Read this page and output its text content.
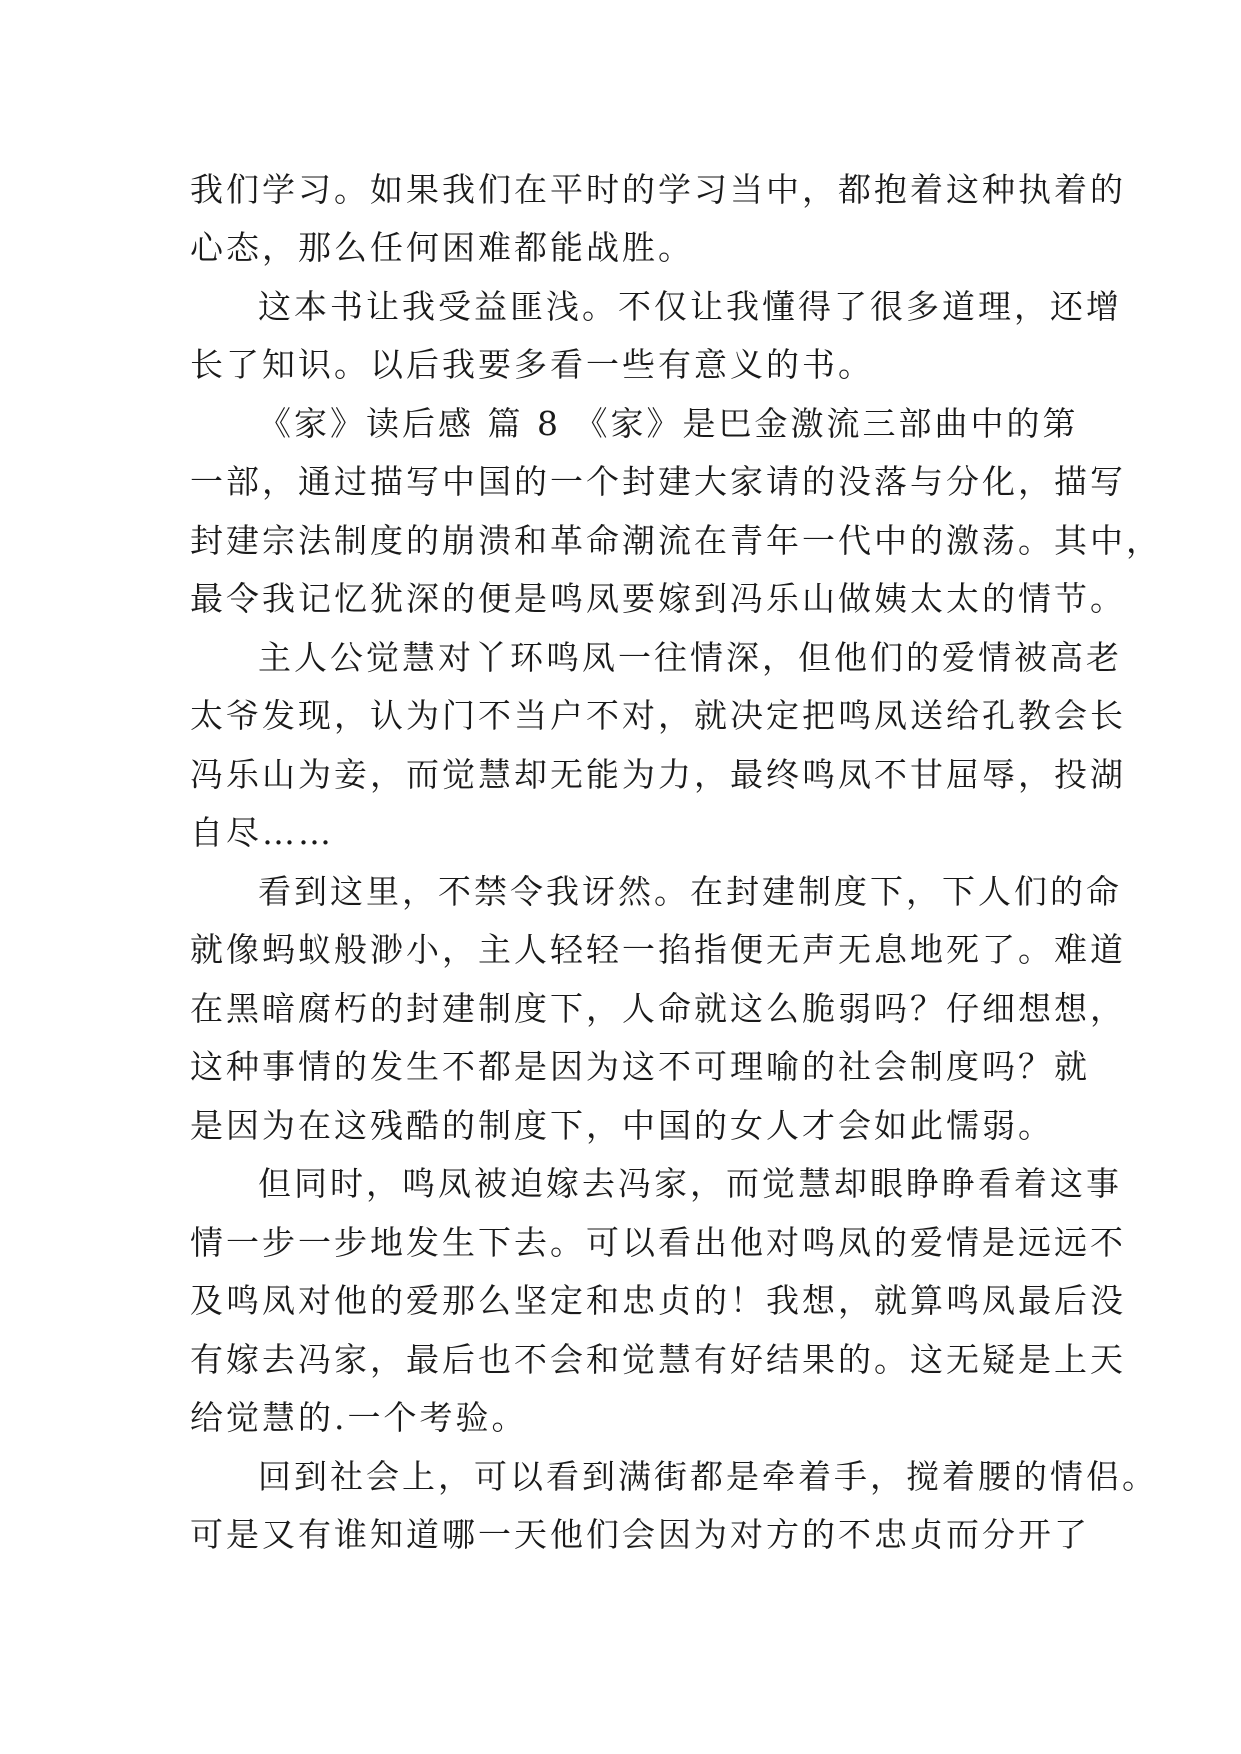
我们学习。如果我们在平时的学习当中，都抱着这种执着的
心态，那么任何困难都能战胜。
这本书让我受益匪浅。不仅让我懂得了很多道理，还增
长了知识。以后我要多看一些有意义的书。
《家》读后感 篇 8 《家》是巴金激流三部曲中的第
一部，通过描写中国的一个封建大家请的没落与分化，描写
封建宗法制度的崩溃和革命潮流在青年一代中的激荡。其中，
最令我记忆犹深的便是鸣凤要嫁到冯乐山做姨太太的情节。
主人公觉慧对丫环鸣凤一往情深，但他们的爱情被高老
太爷发现，认为门不当户不对，就决定把鸣凤送给孔教会长
冯乐山为妾，而觉慧却无能为力，最终鸣凤不甘屈辱，投湖
自尽……
看到这里，不禁令我讶然。在封建制度下，下人们的命
就像蚂蚁般渺小，主人轻轻一掐指便无声无息地死了。难道
在黑暗腐朽的封建制度下，人命就这么脆弱吗？仔细想想，
这种事情的发生不都是因为这不可理喻的社会制度吗？就
是因为在这残酷的制度下，中国的女人才会如此懦弱。
但同时，鸣凤被迫嫁去冯家，而觉慧却眼睁睁看着这事
情一步一步地发生下去。可以看出他对鸣凤的爱情是远远不
及鸣凤对他的爱那么坚定和忠贞的！我想，就算鸣凤最后没
有嫁去冯家，最后也不会和觉慧有好结果的。这无疑是上天
给觉慧的.一个考验。
回到社会上，可以看到满街都是牵着手，搅着腰的情侣。
可是又有谁知道哪一天他们会因为对方的不忠贞而分开了
